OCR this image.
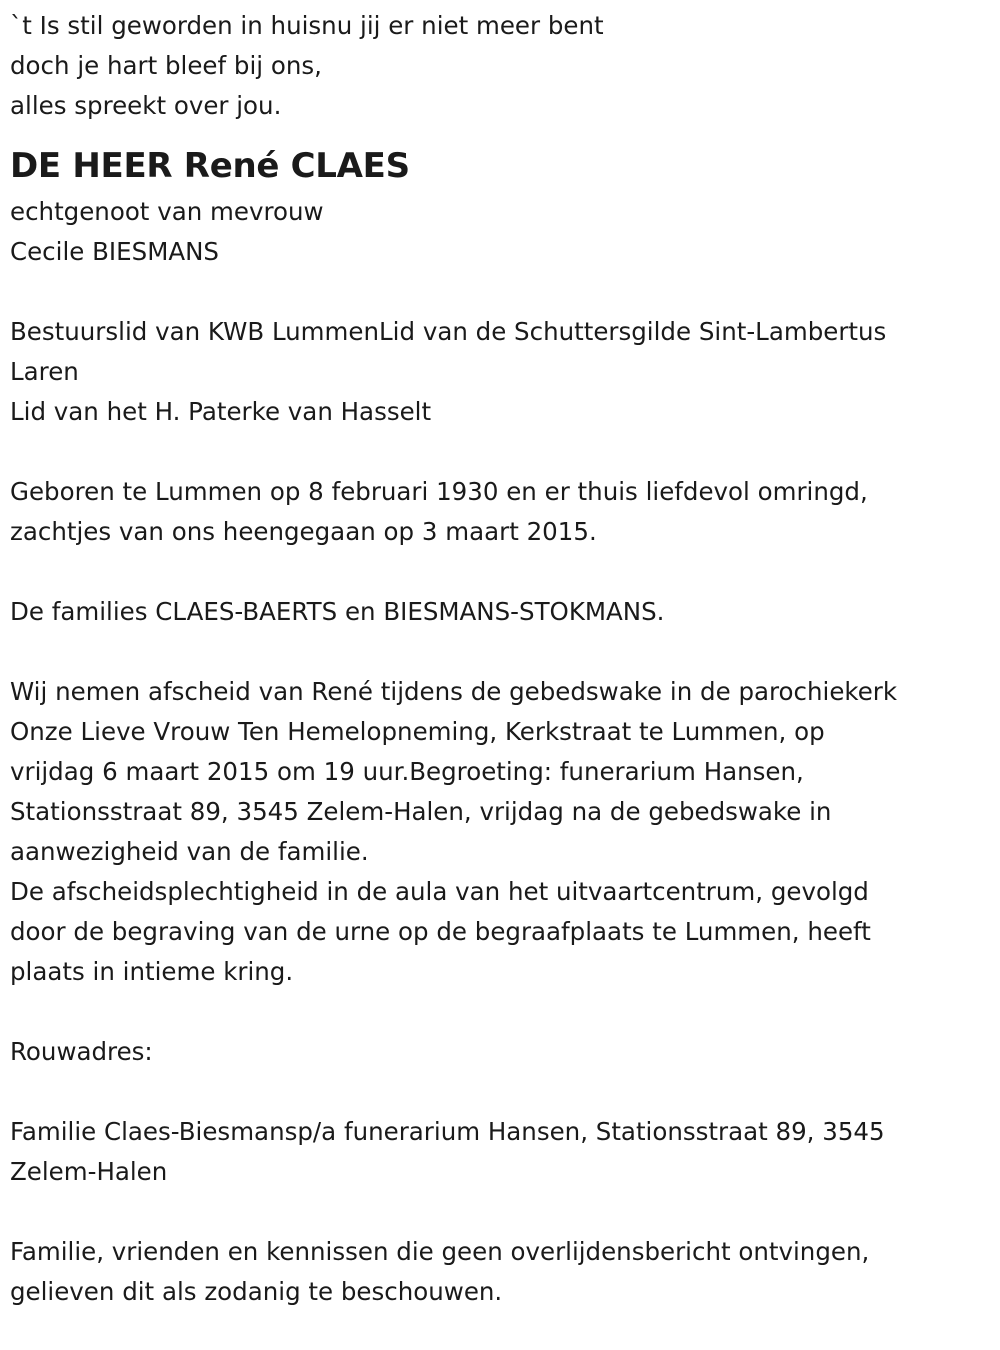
`t Is stil geworden in huisnu jij er niet meer bent
doch je hart bleef bij ons,
alles spreekt over jou.
DE HEER René CLAES
echtgenoot van mevrouw
Cecile BIESMANS
Bestuurslid van KWB LummenLid van de Schuttersgilde Sint-Lambertus
Laren
Lid van het H. Paterke van Hasselt
Geboren te Lummen op 8 februari 1930 en er thuis liefdevol omringd,
zachtjes van ons heengegaan op 3 maart 2015.
De families CLAES-BAERTS en BIESMANS-STOKMANS.
Wij nemen afscheid van René tijdens de gebedswake in de parochiekerk
Onze Lieve Vrouw Ten Hemelopneming, Kerkstraat te Lummen, op
vrijdag 6 maart 2015 om 19 uur.Begroeting: funerarium Hansen,
Stationsstraat 89, 3545 Zelem-Halen, vrijdag na de gebedswake in
aanwezigheid van de familie.
De afscheidsplechtigheid in de aula van het uitvaartcentrum, gevolgd
door de begraving van de urne op de begraafplaats te Lummen, heeft
plaats in intieme kring.
Rouwadres:
Familie Claes-Biesmansp/a funerarium Hansen, Stationsstraat 89, 3545
Zelem-Halen
Familie, vrienden en kennissen die geen overlijdensbericht ontvingen,
gelieven dit als zodanig te beschouwen.
